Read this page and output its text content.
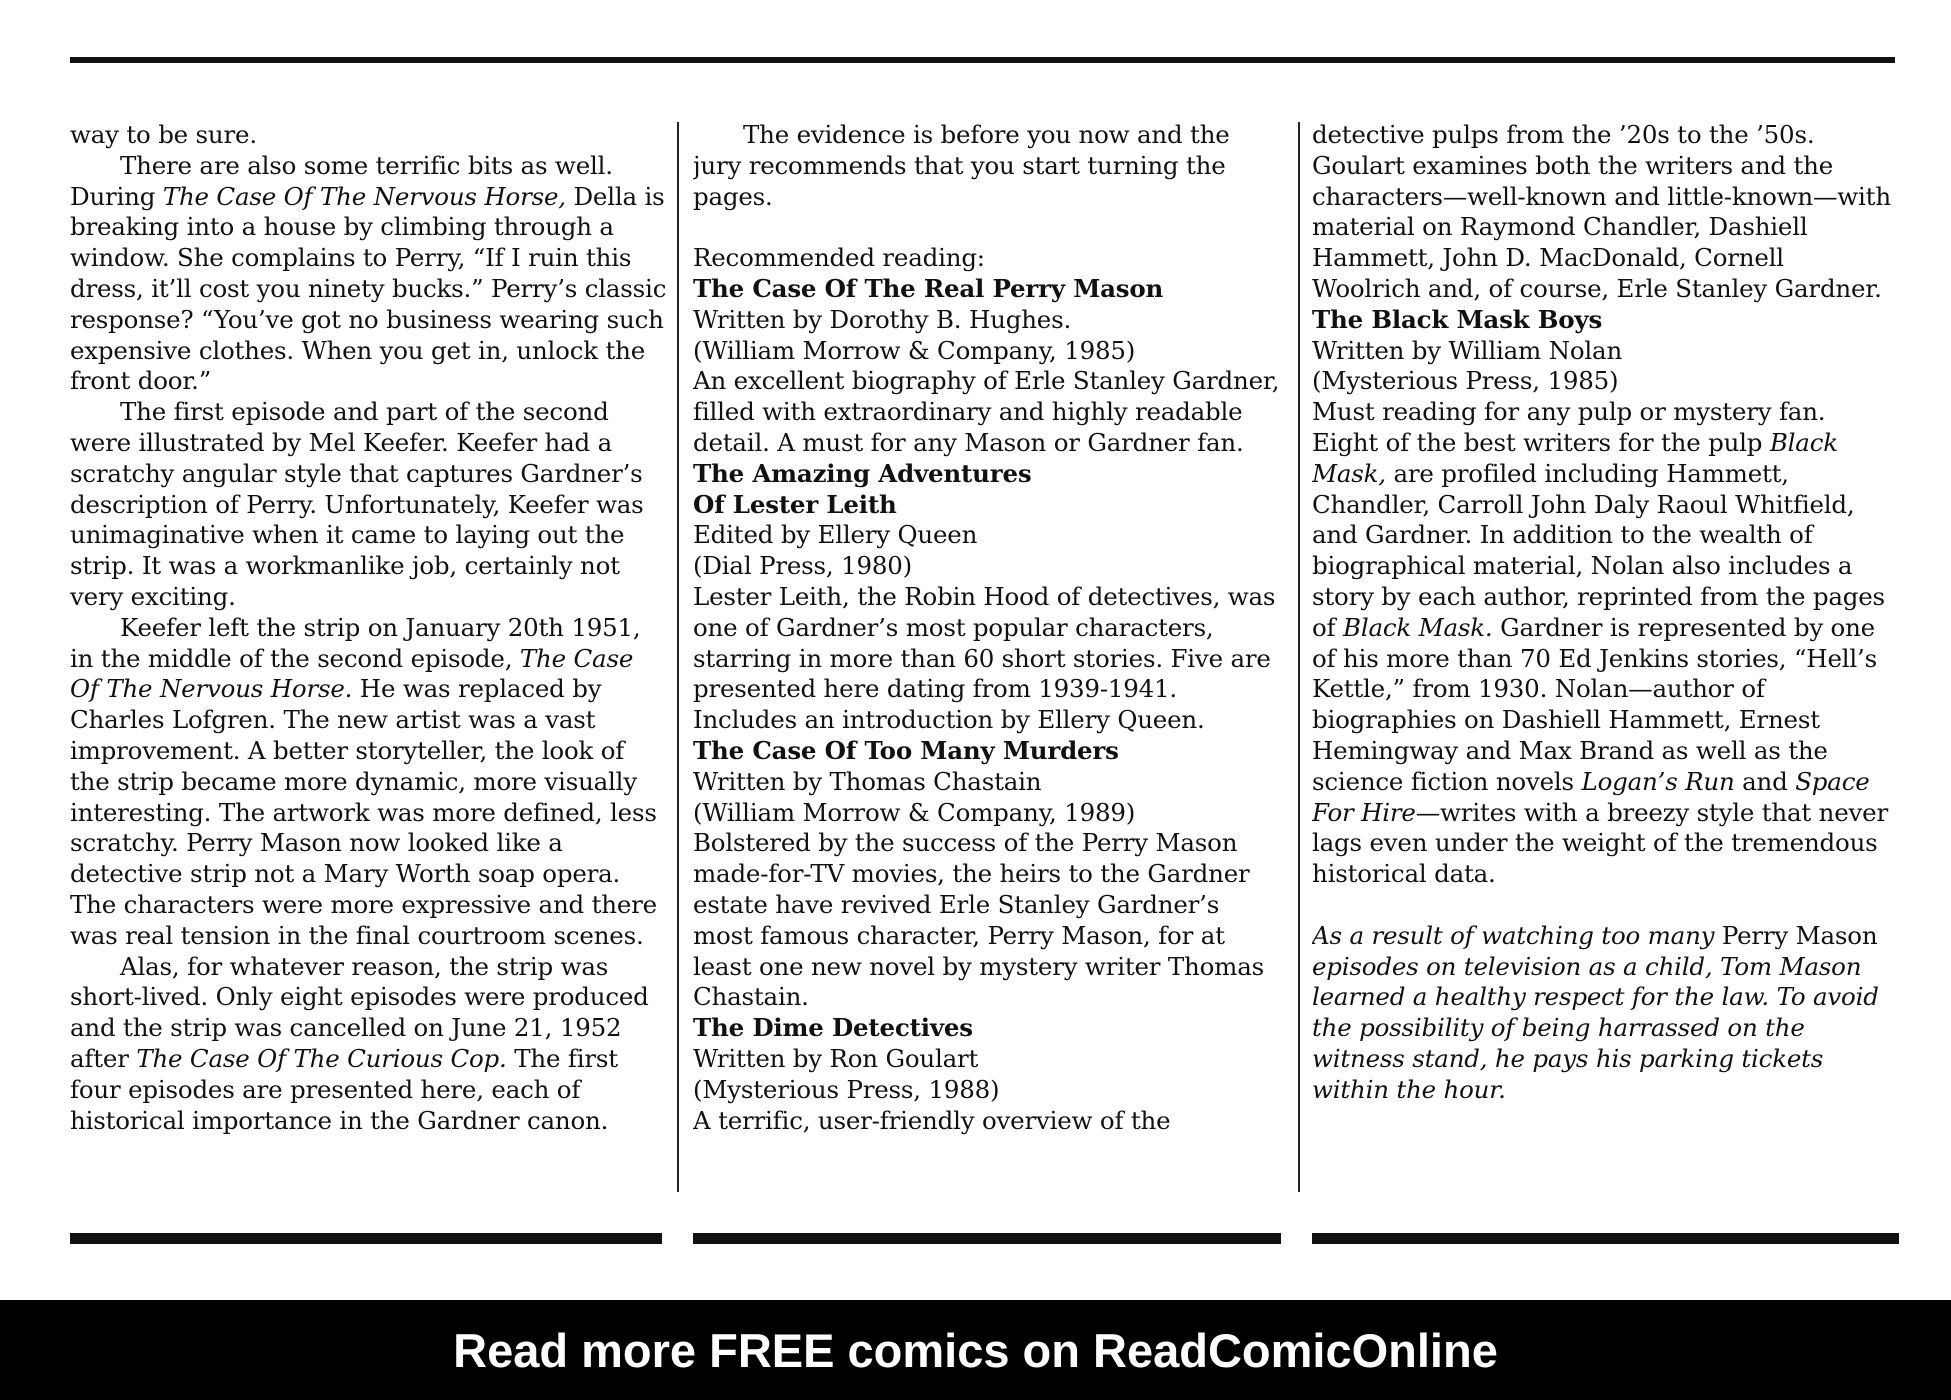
way to be sure.

There are also some terrific bits as well. During The Case Of The Nervous Horse, Della is breaking into a house by climbing through a window. She complains to Perry, “If I ruin this dress, it’ll cost you ninety bucks.” Perry’s classic response? “You’ve got no business wearing such expensive clothes. When you get in, unlock the front door.”

The first episode and part of the second were illustrated by Mel Keefer. Keefer had a scratchy angular style that captures Gardner’s description of Perry. Unfortunately, Keefer was unimaginative when it came to laying out the strip. It was a workmanlike job, certainly not very exciting.

Keefer left the strip on January 20th 1951, in the middle of the second episode, The Case Of The Nervous Horse. He was replaced by Charles Lofgren. The new artist was a vast improvement. A better storyteller, the look of the strip became more dynamic, more visually interesting. The artwork was more defined, less scratchy. Perry Mason now looked like a detective strip not a Mary Worth soap opera. The characters were more expressive and there was real tension in the final courtroom scenes.

Alas, for whatever reason, the strip was short-lived. Only eight episodes were produced and the strip was cancelled on June 21, 1952 after The Case Of The Curious Cop. The first four episodes are presented here, each of historical importance in the Gardner canon.

The evidence is before you now and the jury recommends that you start turning the pages.

Recommended reading:

The Case Of The Real Perry Mason

Written by Dorothy B. Hughes.

(William Morrow & Company, 1985)

An excellent biography of Erle Stanley Gardner, filled with extraordinary and highly readable detail. A must for any Mason or Gardner fan.

The Amazing Adventures
Of Lester Leith

Edited by Ellery Queen

(Dial Press, 1980)

Lester Leith, the Robin Hood of detectives, was one of Gardner’s most popular characters, starring in more than 60 short stories. Five are presented here dating from 1939-1941. Includes an introduction by Ellery Queen.

The Case Of Too Many Murders

Written by Thomas Chastain

(William Morrow & Company, 1989)

Bolstered by the success of the Perry Mason made-for-TV movies, the heirs to the Gardner estate have revived Erle Stanley Gardner’s most famous character, Perry Mason, for at least one new novel by mystery writer Thomas Chastain.

The Dime Detectives

Written by Ron Goulart

(Mysterious Press, 1988)

A terrific, user-friendly overview of the

detective pulps from the ’20s to the ’50s. Goulart examines both the writers and the characters—well-known and little-known—with material on Raymond Chandler, Dashiell Hammett, John D. MacDonald, Cornell Woolrich and, of course, Erle Stanley Gardner.

The Black Mask Boys

Written by William Nolan

(Mysterious Press, 1985)

Must reading for any pulp or mystery fan. Eight of the best writers for the pulp Black Mask, are profiled including Hammett, Chandler, Carroll John Daly Raoul Whitfield, and Gardner. In addition to the wealth of biographical material, Nolan also includes a story by each author, reprinted from the pages of Black Mask. Gardner is represented by one of his more than 70 Ed Jenkins stories, “Hell’s Kettle,” from 1930. Nolan—author of biographies on Dashiell Hammett, Ernest Hemingway and Max Brand as well as the science fiction novels Logan’s Run and Space For Hire—writes with a breezy style that never lags even under the weight of the tremendous historical data.

As a result of watching too many Perry Mason episodes on television as a child, Tom Mason learned a healthy respect for the law. To avoid the possibility of being harrassed on the witness stand, he pays his parking tickets within the hour.

Read more FREE comics on ReadComicOnline
